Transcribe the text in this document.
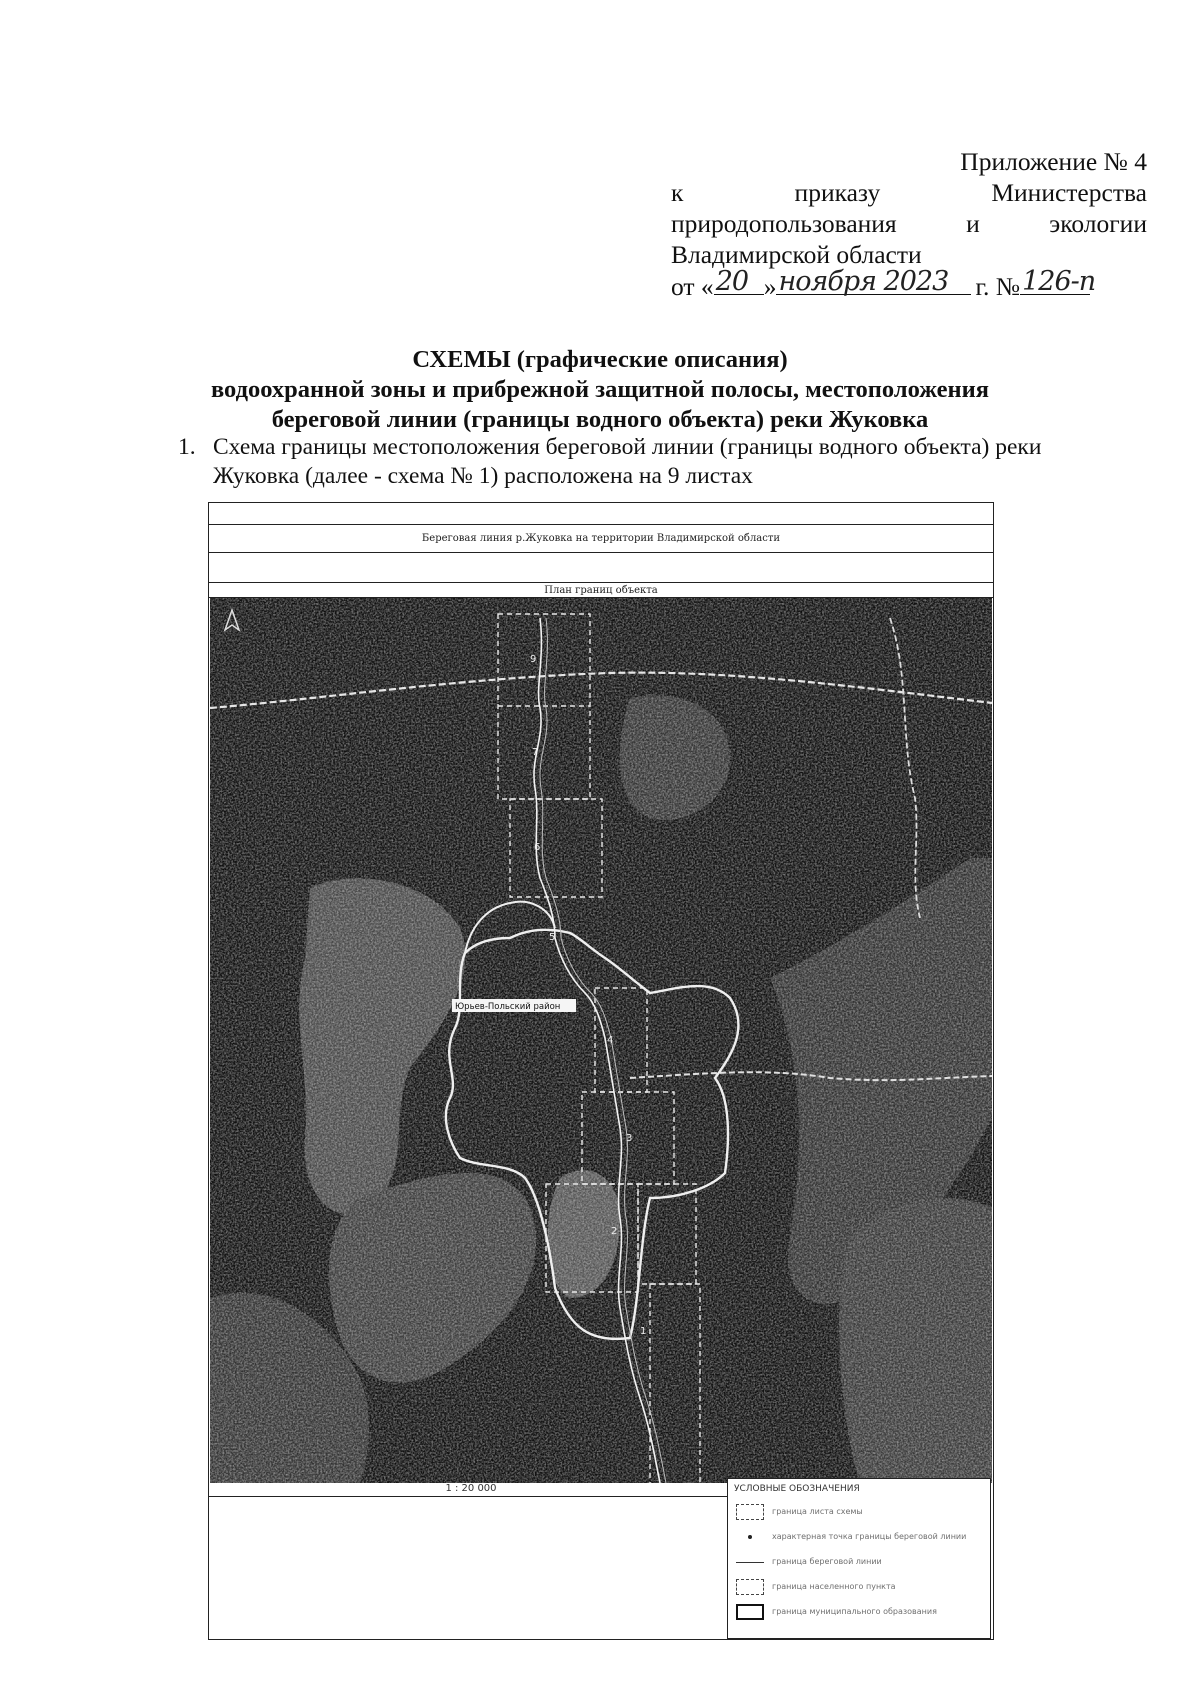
Приложение № 4
к	приказу	Министерства
природопользования	и	экологии
Владимирской области
от « 20 » ноября 2023 г. № 126-п
СХЕМЫ (графические описания)
водоохранной зоны и прибрежной защитной полосы, местоположения
береговой линии (границы водного объекта) реки Жуковка
1. Схема границы местоположения береговой линии (границы водного объекта) реки Жуковка (далее - схема № 1) расположена на 9 листах
Береговая линия р.Жуковка на территории Владимирской области
План границ объекта
9
7
6
5
4
3
2
1
Юрьев-Польский район
1 : 20 000	УСЛОВНЫЕ ОБОЗНАЧЕНИЯ
граница листа схемы
характерная точка границы береговой линии
граница береговой линии
граница населенного пункта
граница муниципального образования
